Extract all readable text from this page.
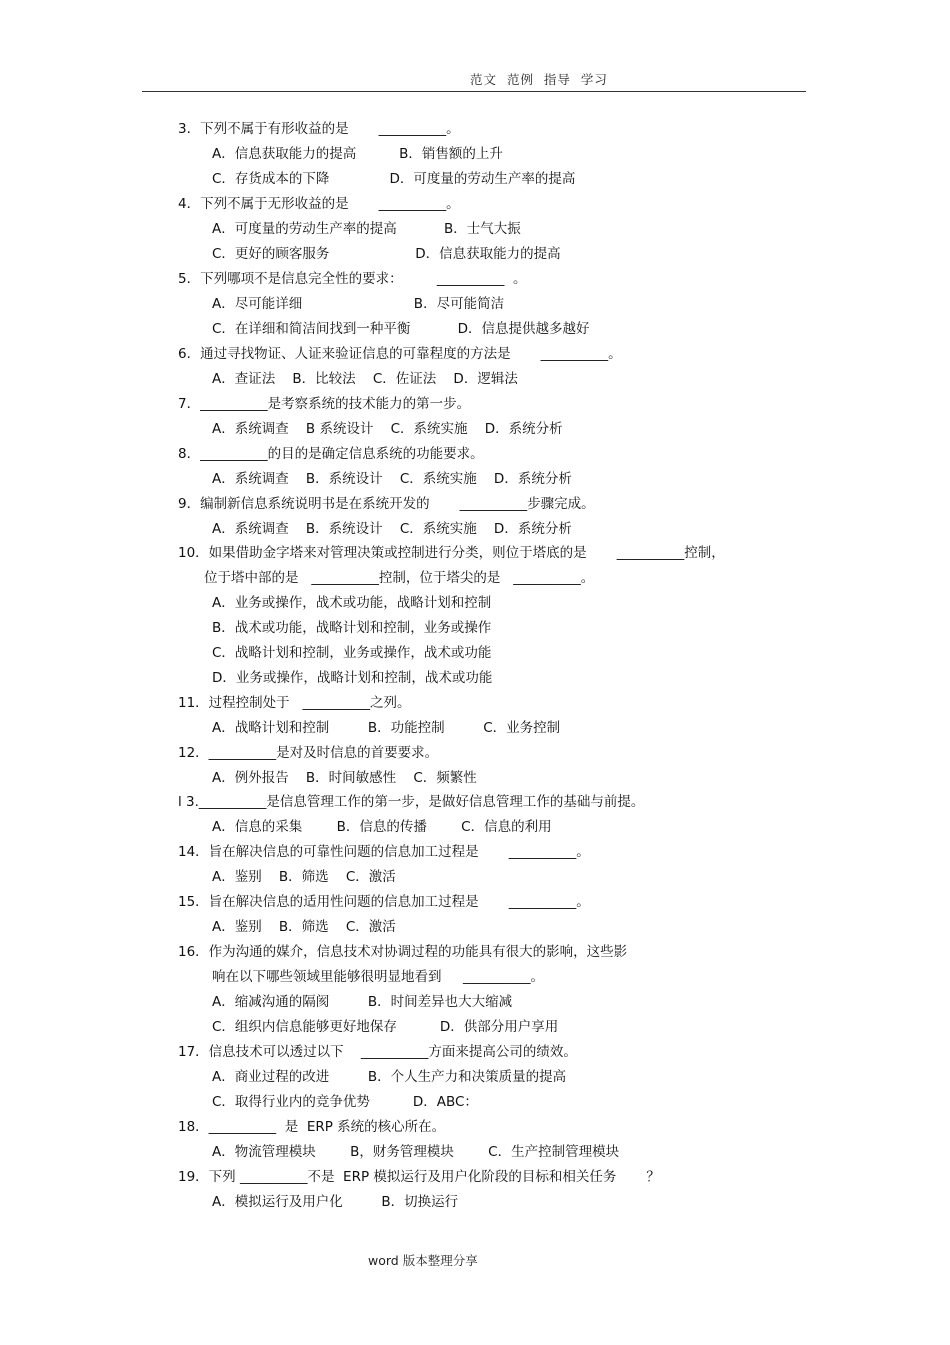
范文  范例  指导  学习
3．下列不属于有形收益的是       __________。
A．信息获取能力的提高          B．销售额的上升
C．存货成本的下降              D．可度量的劳动生产率的提高
4．下列不属于无形收益的是       __________。
A．可度量的劳动生产率的提高           B．士气大振
C．更好的顾客服务                    D．信息获取能力的提高
5．下列哪项不是信息完全性的要求：        __________  。
A．尽可能详细                          B．尽可能简洁
C．在详细和简洁间找到一种平衡           D．信息提供越多越好
6．通过寻找物证、人证来验证信息的可靠程度的方法是       __________。
A．查证法    B．比较法    C．佐证法    D．逻辑法
7．__________是考察系统的技术能力的第一步。
A．系统调查    B 系统设计    C．系统实施    D．系统分析
8．__________的目的是确定信息系统的功能要求。
A．系统调查    B．系统设计    C．系统实施    D．系统分析
9．编制新信息系统说明书是在系统开发的       __________步骤完成。
A．系统调查    B．系统设计    C．系统实施    D．系统分析
10．如果借助金字塔来对管理决策或控制进行分类，则位于塔底的是       __________控制，
位于塔中部的是   __________控制，位于塔尖的是   __________。
A．业务或操作，战术或功能，战略计划和控制
B．战术或功能，战略计划和控制，业务或操作
C．战略计划和控制，业务或操作，战术或功能
D．业务或操作，战略计划和控制，战术或功能
11．过程控制处于   __________之列。
A．战略计划和控制         B．功能控制         C．业务控制
12．__________是对及时信息的首要要求。
A．例外报告    B．时间敏感性    C．频繁性
l 3.__________是信息管理工作的第一步，是做好信息管理工作的基础与前提。
A．信息的采集        B．信息的传播        C．信息的利用
14．旨在解决信息的可靠性问题的信息加工过程是       __________。
A．鉴别    B．筛选    C．激活
15．旨在解决信息的适用性问题的信息加工过程是       __________。
A．鉴别    B．筛选    C．激活
16．作为沟通的媒介，信息技术对协调过程的功能具有很大的影响，这些影
响在以下哪些领域里能够很明显地看到     __________。
A．缩减沟通的隔阂         B．时间差异也大大缩减
C．组织内信息能够更好地保存          D．供部分用户享用
17．信息技术可以透过以下    __________方面来提高公司的绩效。
A．商业过程的改进         B．个人生产力和决策质量的提高
C．取得行业内的竞争优势          D．ABC：
18．__________  是  ERP 系统的核心所在。
A．物流管理模块        B，财务管理模块        C．生产控制管理模块
19．下列 __________不是  ERP 模拟运行及用户化阶段的目标和相关任务       ？
A．模拟运行及用户化         B．切换运行
word 版本整理分享
